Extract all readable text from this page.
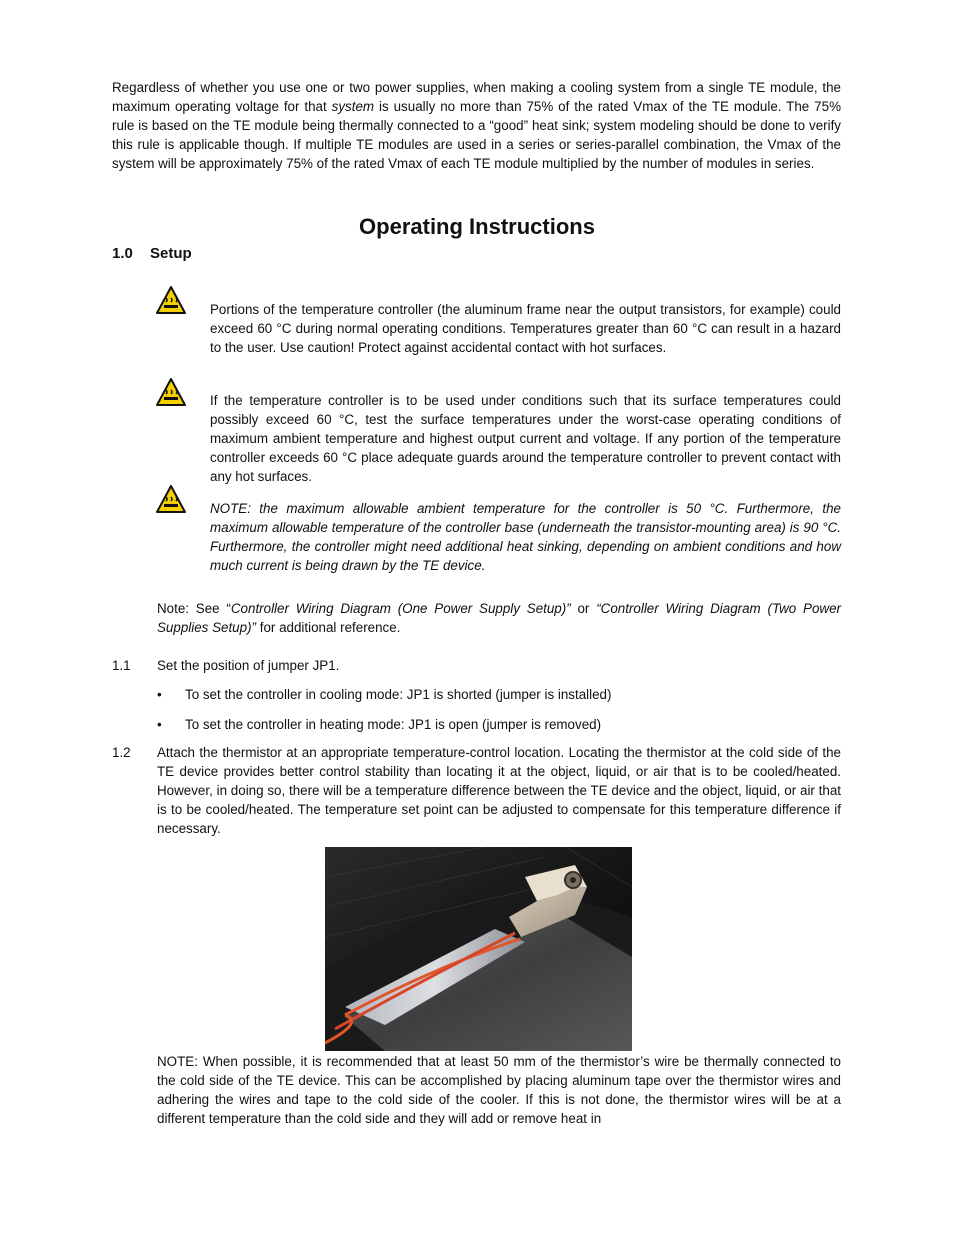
Regardless of whether you use one or two power supplies, when making a cooling system from a single TE module, the maximum operating voltage for that system is usually no more than 75% of the rated Vmax of the TE module. The 75% rule is based on the TE module being thermally connected to a “good” heat sink; system modeling should be done to verify this rule is applicable though. If multiple TE modules are used in a series or series-parallel combination, the Vmax of the system will be approximately 75% of the rated Vmax of each TE module multiplied by the number of modules in series.
Operating Instructions
1.0 Setup
Portions of the temperature controller (the aluminum frame near the output transistors, for example) could exceed 60 °C during normal operating conditions. Temperatures greater than 60 °C can result in a hazard to the user. Use caution! Protect against accidental contact with hot surfaces.
If the temperature controller is to be used under conditions such that its surface temperatures could possibly exceed 60 °C, test the surface temperatures under the worst-case operating conditions of maximum ambient temperature and highest output current and voltage. If any portion of the temperature controller exceeds 60 °C place adequate guards around the temperature controller to prevent contact with any hot surfaces.
NOTE: the maximum allowable ambient temperature for the controller is 50 °C. Furthermore, the maximum allowable temperature of the controller base (underneath the transistor-mounting area) is 90 °C. Furthermore, the controller might need additional heat sinking, depending on ambient conditions and how much current is being drawn by the TE device.
Note: See “Controller Wiring Diagram (One Power Supply Setup)” or “Controller Wiring Diagram (Two Power Supplies Setup)” for additional reference.
1.1 Set the position of jumper JP1.
• To set the controller in cooling mode: JP1 is shorted (jumper is installed)
• To set the controller in heating mode: JP1 is open (jumper is removed)
1.2 Attach the thermistor at an appropriate temperature-control location. Locating the thermistor at the cold side of the TE device provides better control stability than locating it at the object, liquid, or air that is to be cooled/heated. However, in doing so, there will be a temperature difference between the TE device and the object, liquid, or air that is to be cooled/heated. The temperature set point can be adjusted to compensate for this temperature difference if necessary.
NOTE: When possible, it is recommended that at least 50 mm of the thermistor’s wire be thermally connected to the cold side of the TE device. This can be accomplished by placing aluminum tape over the thermistor wires and adhering the wires and tape to the cold side of the cooler. If this is not done, the thermistor wires will be at a different temperature than the cold side and they will add or remove heat in
